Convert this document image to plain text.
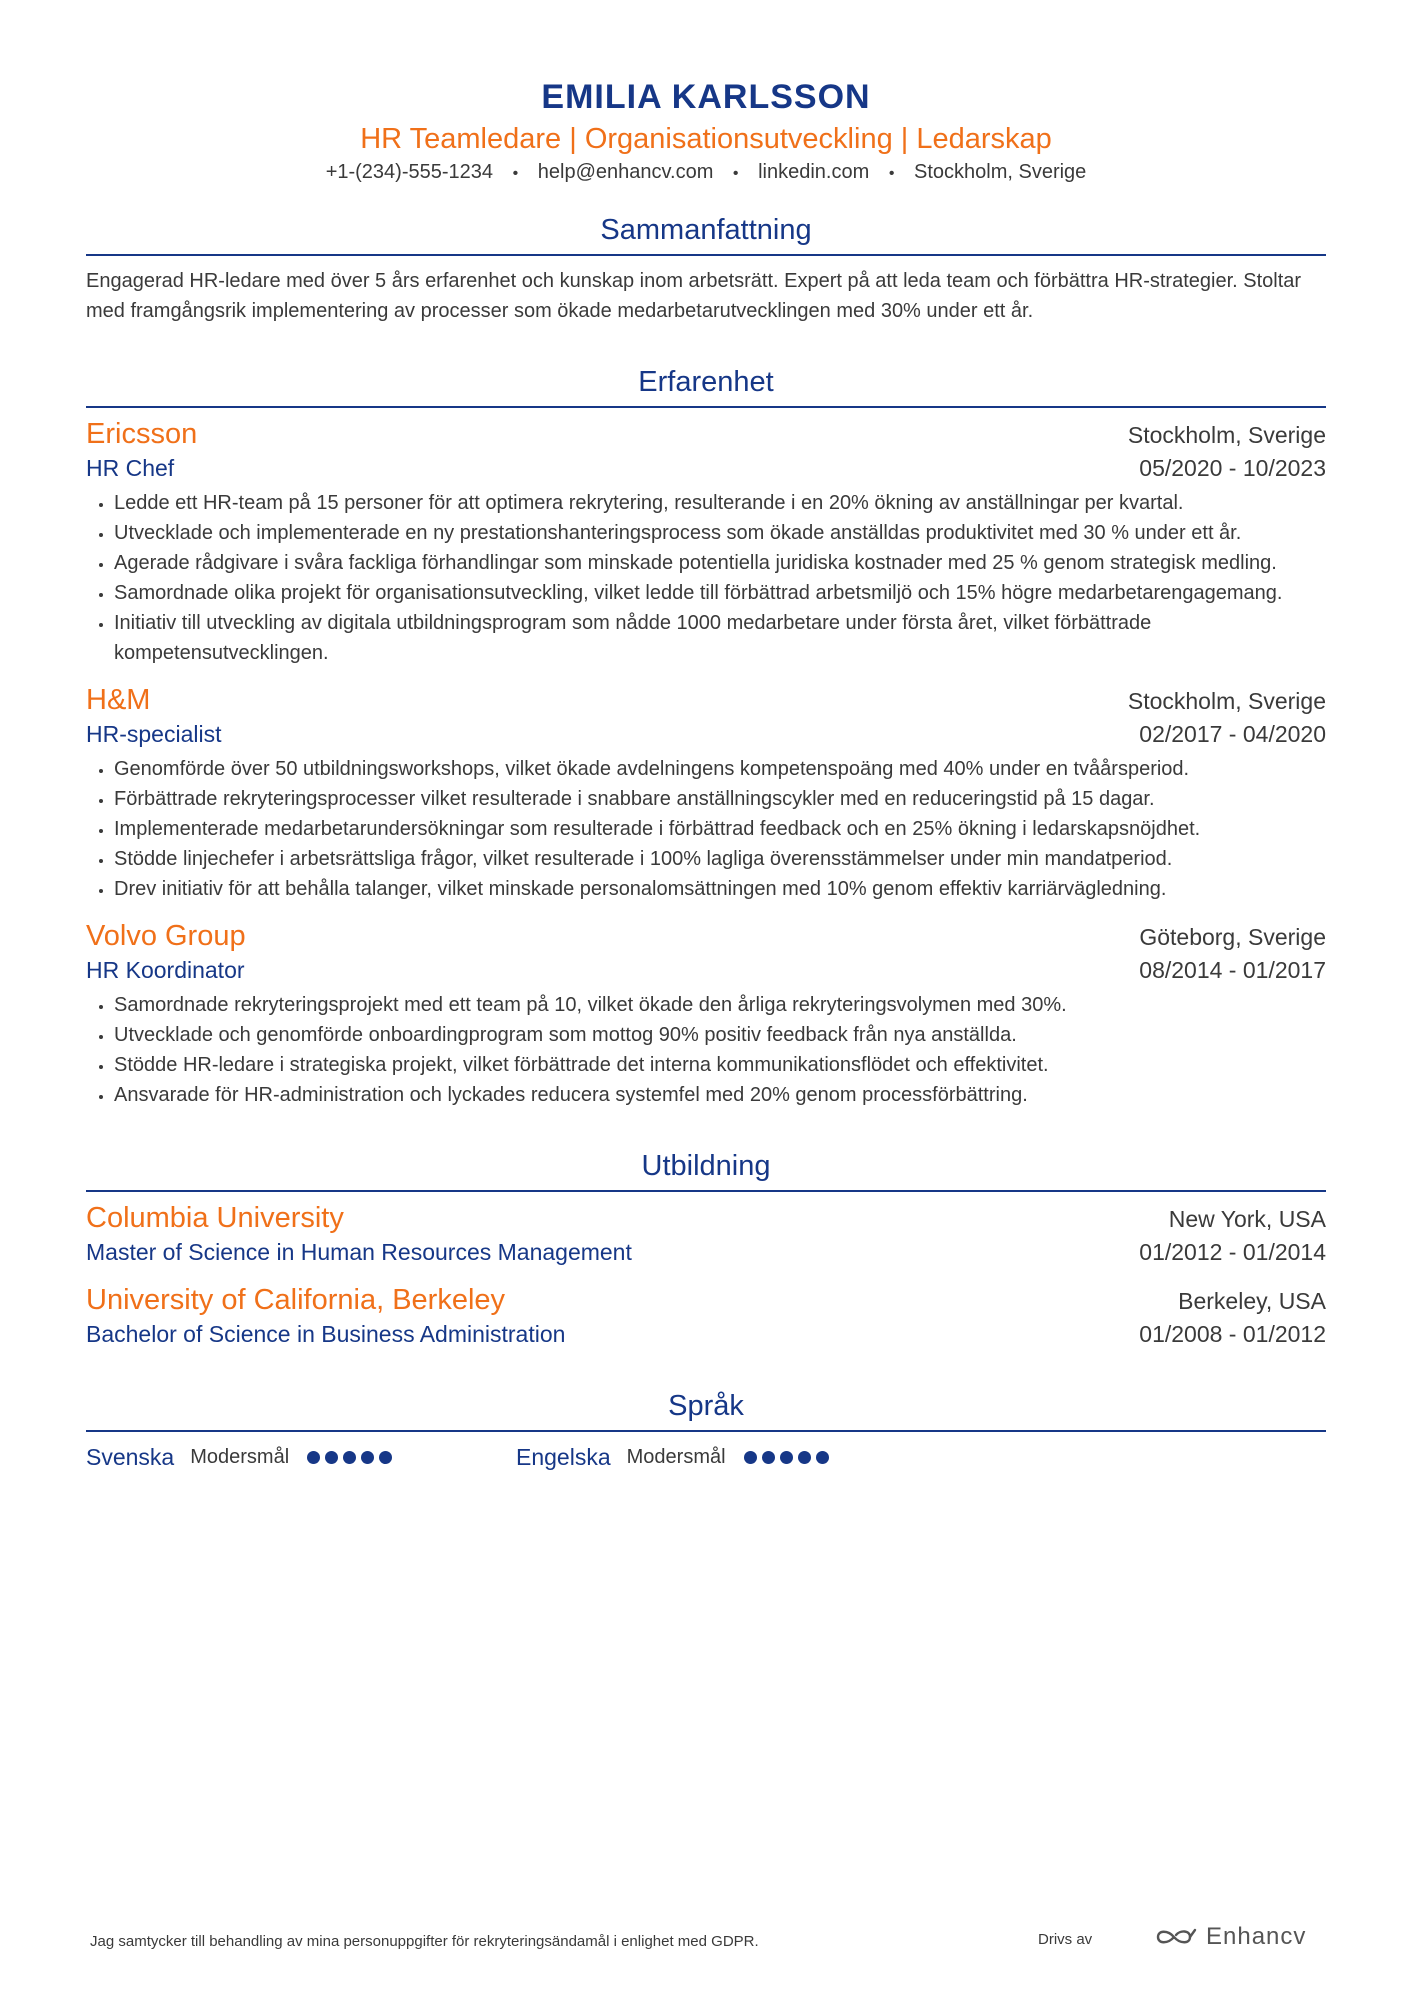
EMILIA KARLSSON
HR Teamledare | Organisationsutveckling | Ledarskap
+1-(234)-555-1234 • help@enhancv.com • linkedin.com • Stockholm, Sverige
Sammanfattning
Engagerad HR-ledare med över 5 års erfarenhet och kunskap inom arbetsrätt. Expert på att leda team och förbättra HR-strategier. Stoltar med framgångsrik implementering av processer som ökade medarbetarutvecklingen med 30% under ett år.
Erfarenhet
Ericsson	Stockholm, Sverige
HR Chef	05/2020 - 10/2023
• Ledde ett HR-team på 15 personer för att optimera rekrytering, resulterande i en 20% ökning av anställningar per kvartal.
• Utvecklade och implementerade en ny prestationshanteringsprocess som ökade anställdas produktivitet med 30 % under ett år.
• Agerade rådgivare i svåra fackliga förhandlingar som minskade potentiella juridiska kostnader med 25 % genom strategisk medling.
• Samordnade olika projekt för organisationsutveckling, vilket ledde till förbättrad arbetsmiljö och 15% högre medarbetarengagemang.
• Initiativ till utveckling av digitala utbildningsprogram som nådde 1000 medarbetare under första året, vilket förbättrade kompetensutvecklingen.
H&M	Stockholm, Sverige
HR-specialist	02/2017 - 04/2020
• Genomförde över 50 utbildningsworkshops, vilket ökade avdelningens kompetenspoäng med 40% under en tvåårsperiod.
• Förbättrade rekryteringsprocesser vilket resulterade i snabbare anställningscykler med en reduceringstid på 15 dagar.
• Implementerade medarbetarundersökningar som resulterade i förbättrad feedback och en 25% ökning i ledarskapsnöjdhet.
• Stödde linjechefer i arbetsrättsliga frågor, vilket resulterade i 100% lagliga överensstämmelser under min mandatperiod.
• Drev initiativ för att behålla talanger, vilket minskade personalomsättningen med 10% genom effektiv karriärvägledning.
Volvo Group	Göteborg, Sverige
HR Koordinator	08/2014 - 01/2017
• Samordnade rekryteringsprojekt med ett team på 10, vilket ökade den årliga rekryteringsvolymen med 30%.
• Utvecklade och genomförde onboardingprogram som mottog 90% positiv feedback från nya anställda.
• Stödde HR-ledare i strategiska projekt, vilket förbättrade det interna kommunikationsflödet och effektivitet.
• Ansvarade för HR-administration och lyckades reducera systemfel med 20% genom processförbättring.
Utbildning
Columbia University	New York, USA
Master of Science in Human Resources Management	01/2012 - 01/2014
University of California, Berkeley	Berkeley, USA
Bachelor of Science in Business Administration	01/2008 - 01/2012
Språk
Svenska Modersmål	Engelska Modersmål
Jag samtycker till behandling av mina personuppgifter för rekryteringsändamål i enlighet med GDPR.	Drivs av	Enhancv
